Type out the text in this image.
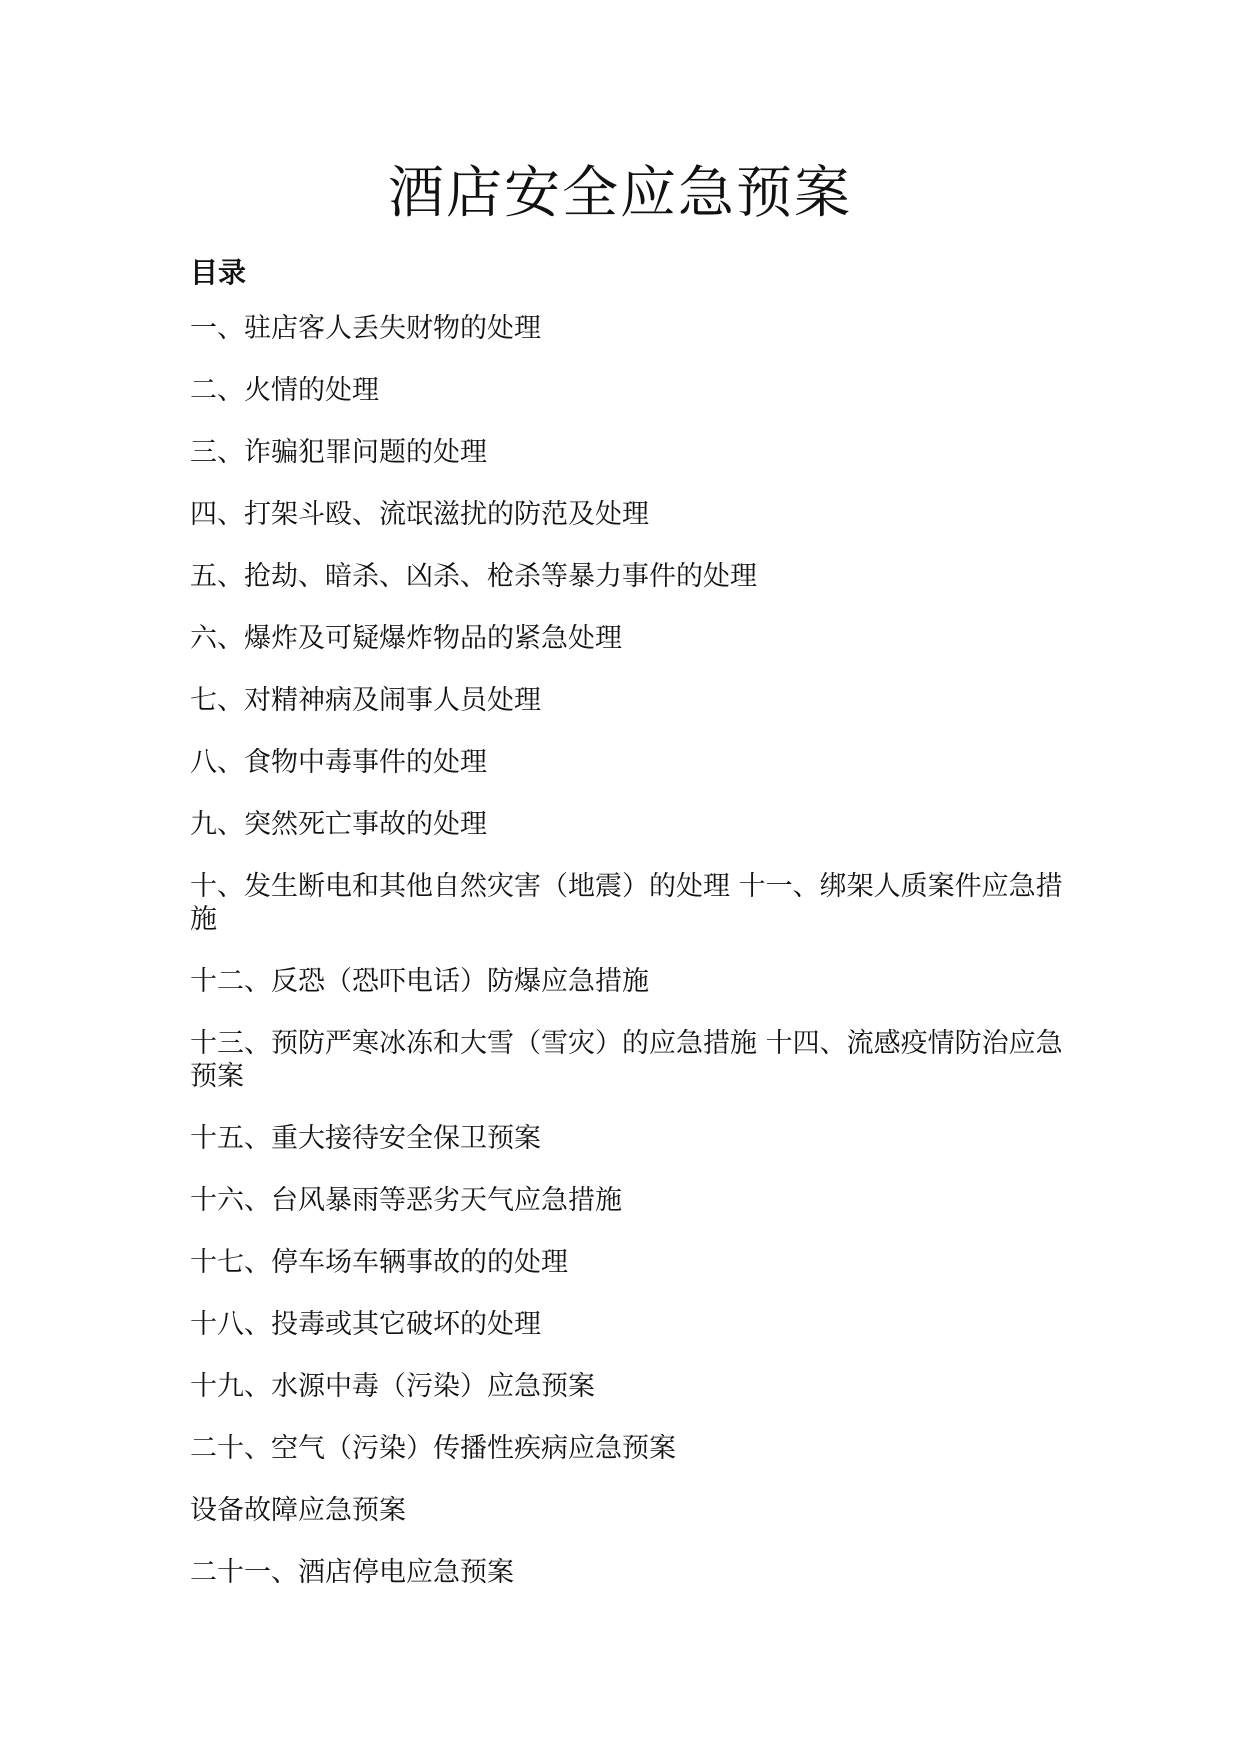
酒店安全应急预案
目录
一、驻店客人丢失财物的处理
二、火情的处理
三、诈骗犯罪问题的处理
四、打架斗殴、流氓滋扰的防范及处理
五、抢劫、暗杀、凶杀、枪杀等暴力事件的处理
六、爆炸及可疑爆炸物品的紧急处理
七、对精神病及闹事人员处理
八、食物中毒事件的处理
九、突然死亡事故的处理
十、发生断电和其他自然灾害（地震）的处理 十一、绑架人质案件应急措施
十二、反恐（恐吓电话）防爆应急措施
十三、预防严寒冰冻和大雪（雪灾）的应急措施 十四、流感疫情防治应急预案
十五、重大接待安全保卫预案
十六、台风暴雨等恶劣天气应急措施
十七、停车场车辆事故的的处理
十八、投毒或其它破坏的处理
十九、水源中毒（污染）应急预案
二十、空气（污染）传播性疾病应急预案
设备故障应急预案
二十一、酒店停电应急预案
